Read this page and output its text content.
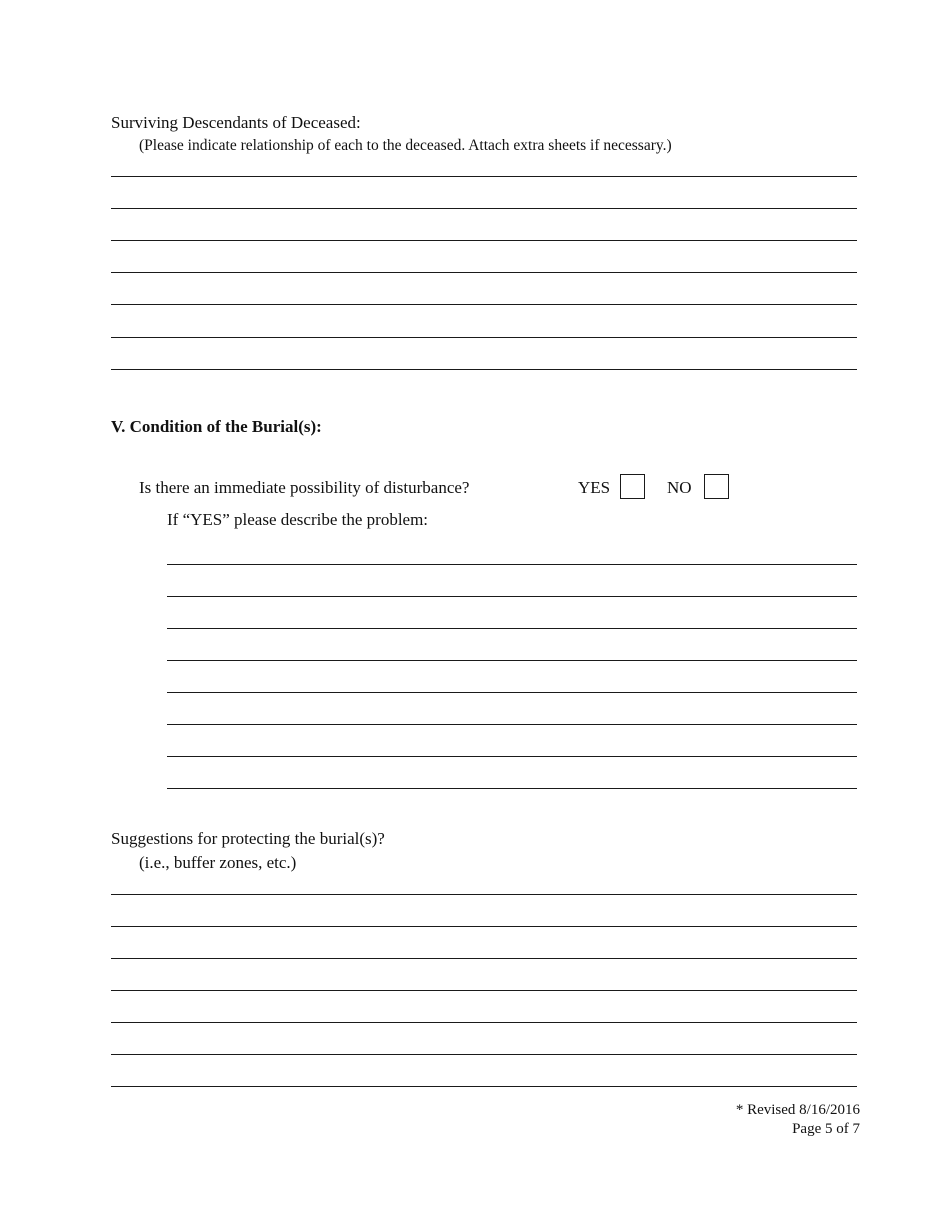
Surviving Descendants of Deceased:
(Please indicate relationship of each to the deceased. Attach extra sheets if necessary.)
V. Condition of the Burial(s):
Is there an immediate possibility of disturbance?	YES	NO
If “YES” please describe the problem:
Suggestions for protecting the burial(s)?
(i.e., buffer zones, etc.)
* Revised 8/16/2016
Page 5 of 7
